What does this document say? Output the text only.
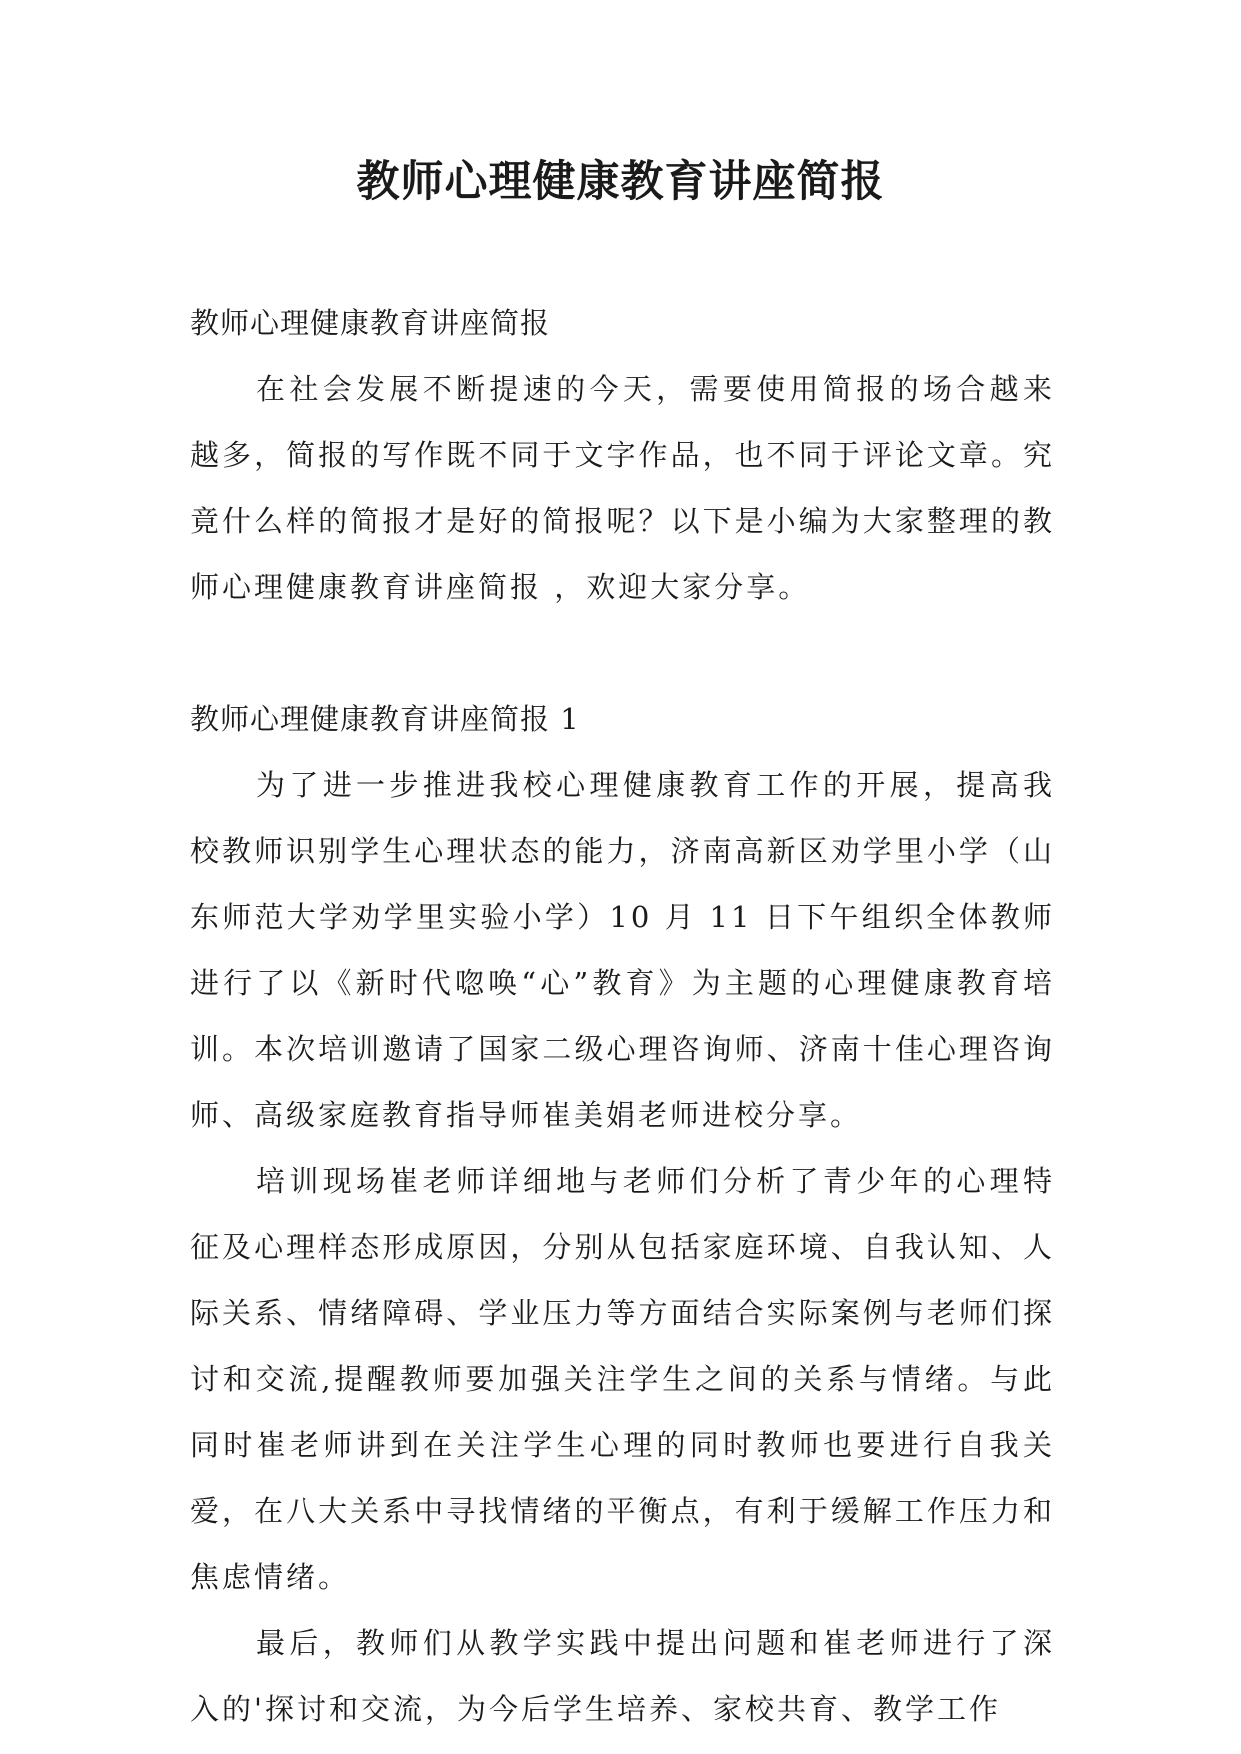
教师心理健康教育讲座简报

教师心理健康教育讲座简报

在社会发展不断提速的今天，需要使用简报的场合越来越多，简报的写作既不同于文字作品，也不同于评论文章。究竟什么样的简报才是好的简报呢？以下是小编为大家整理的教师心理健康教育讲座简报 ，欢迎大家分享。

教师心理健康教育讲座简报 1

为了进一步推进我校心理健康教育工作的开展，提高我校教师识别学生心理状态的能力，济南高新区劝学里小学（山东师范大学劝学里实验小学）10 月 11 日下午组织全体教师进行了以《新时代唿唤“心”教育》为主题的心理健康教育培训。本次培训邀请了国家二级心理咨询师、济南十佳心理咨询师、高级家庭教育指导师崔美娟老师进校分享。

培训现场崔老师详细地与老师们分析了青少年的心理特征及心理样态形成原因，分别从包括家庭环境、自我认知、人际关系、情绪障碍、学业压力等方面结合实际案例与老师们探讨和交流,提醒教师要加强关注学生之间的关系与情绪。与此同时崔老师讲到在关注学生心理的同时教师也要进行自我关爱，在八大关系中寻找情绪的平衡点，有利于缓解工作压力和焦虑情绪。

最后，教师们从教学实践中提出问题和崔老师进行了深入的'探讨和交流，为今后学生培养、家校共育、教学工作
